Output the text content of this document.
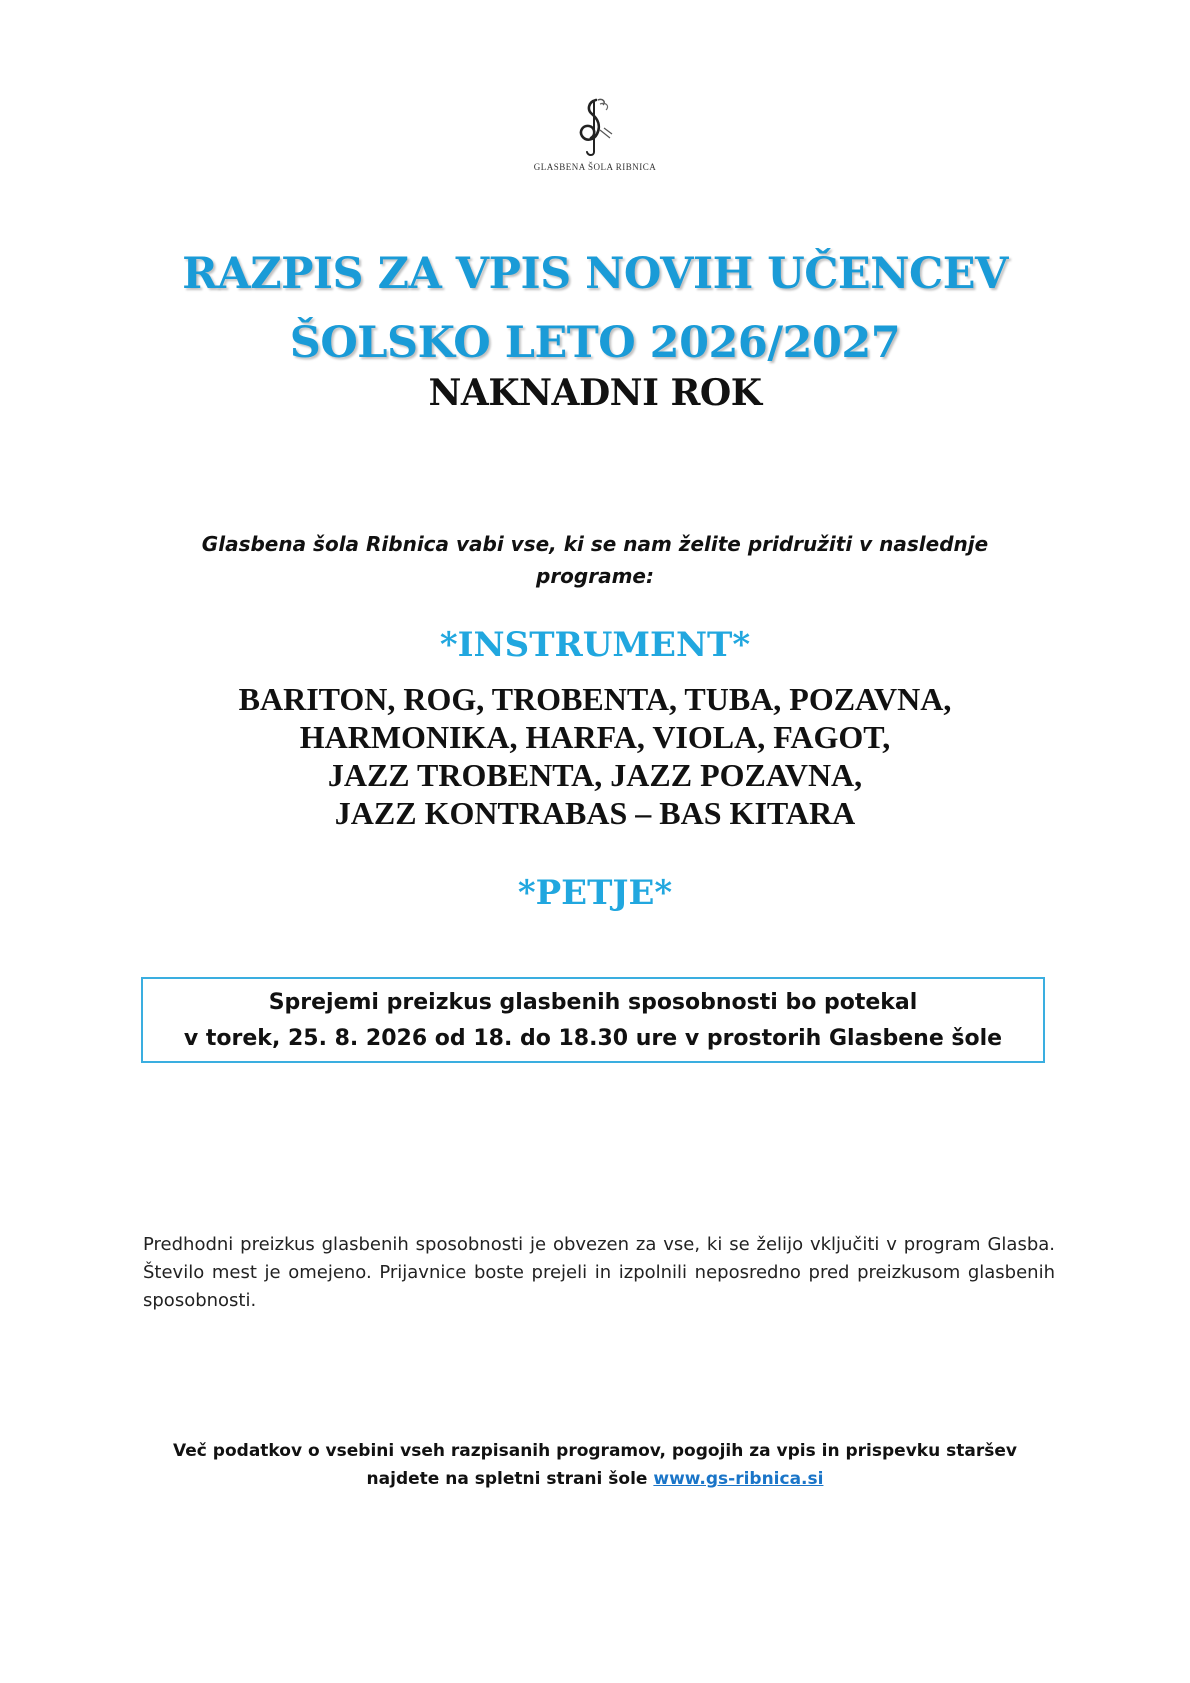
GLASBENA ŠOLA RIBNICA
RAZPIS ZA VPIS NOVIH UČENCEV
ŠOLSKO LETO 2026/2027
NAKNADNI ROK
Glasbena šola Ribnica vabi vse, ki se nam želite pridružiti v naslednje programe:
*INSTRUMENT*
BARITON, ROG, TROBENTA, TUBA, POZAVNA,
HARMONIKA, HARFA, VIOLA, FAGOT,
JAZZ TROBENTA, JAZZ POZAVNA,
JAZZ KONTRABAS – BAS KITARA
*PETJE*
Sprejemi preizkus glasbenih sposobnosti bo potekal
v torek, 25. 8. 2026 od 18. do 18.30 ure v prostorih Glasbene šole
Predhodni preizkus glasbenih sposobnosti je obvezen za vse, ki se želijo vključiti v program Glasba. Število mest je omejeno. Prijavnice boste prejeli in izpolnili neposredno pred preizkusom glasbenih sposobnosti.
Več podatkov o vsebini vseh razpisanih programov, pogojih za vpis in prispevku staršev najdete na spletni strani šole www.gs-ribnica.si
